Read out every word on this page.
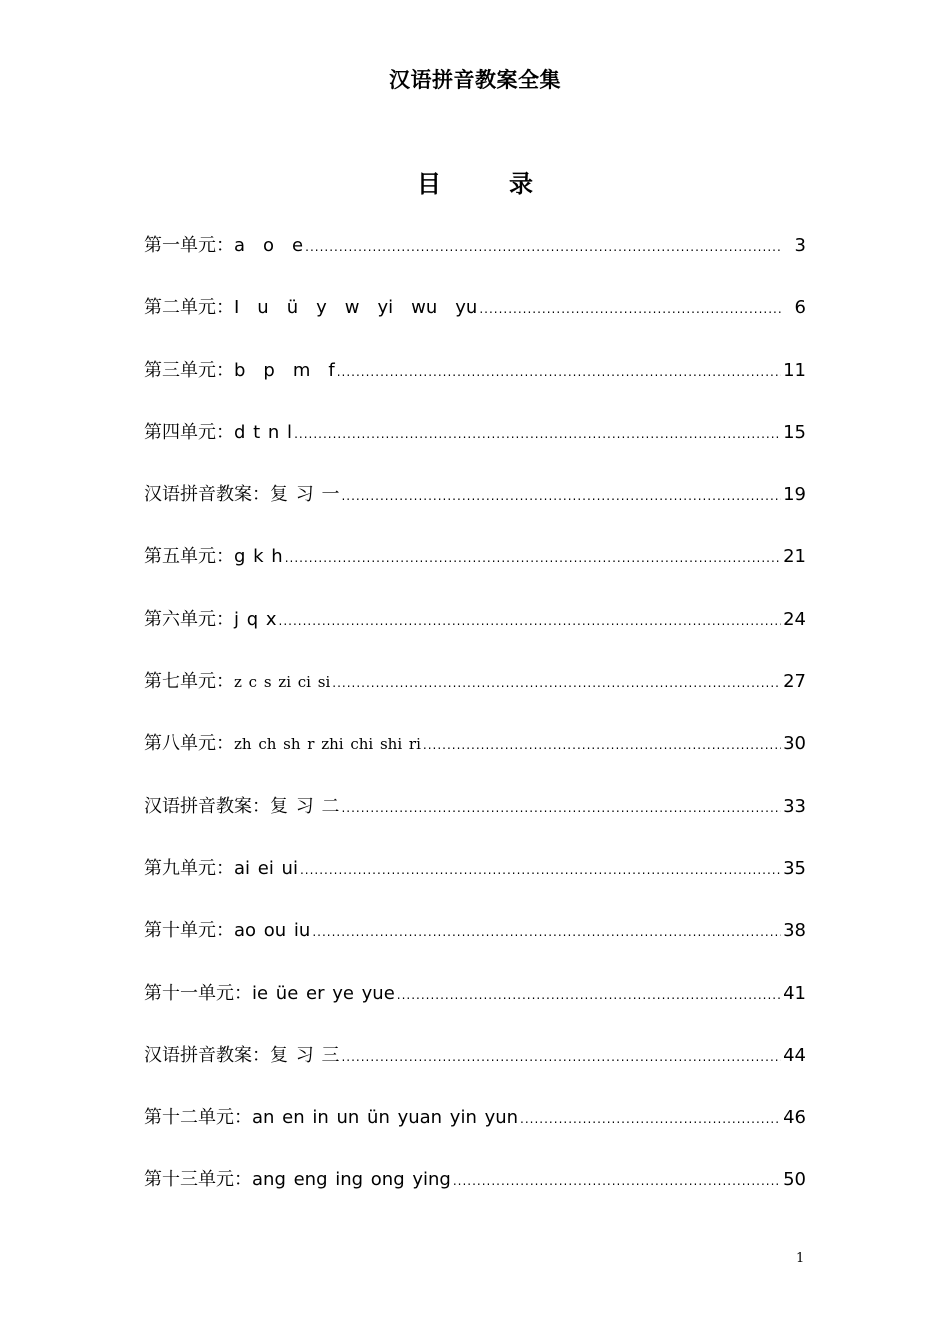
汉语拼音教案全集
目	录
第一单元 ： a　o　e .....	3
第二单元 ： I　u　ü　y　w　yi　wu　yu .....	6
第三单元 ： b　p　m　f .....	11
第四单元 ： d t n l .....	15
汉语拼音教案 ： 复 习 一 .....	19
第五单元 ： g k h .....	21
第六单元 ： j q x .....	24
第七单元 ： z c s zi ci si .....	27
第八单元 ： zh ch sh r zhi chi shi ri .....	30
汉语拼音教案 ： 复 习 二 .....	33
第九单元 ： ai ei ui .....	35
第十单元 ： ao ou iu .....	38
第十一单元 ： ie üe er ye yue .....	41
汉语拼音教案 ： 复 习 三 .....	44
第十二单元 ： an en in un ün yuan yin yun .....	46
第十三单元 ： ang eng ing ong ying .....	50

1
